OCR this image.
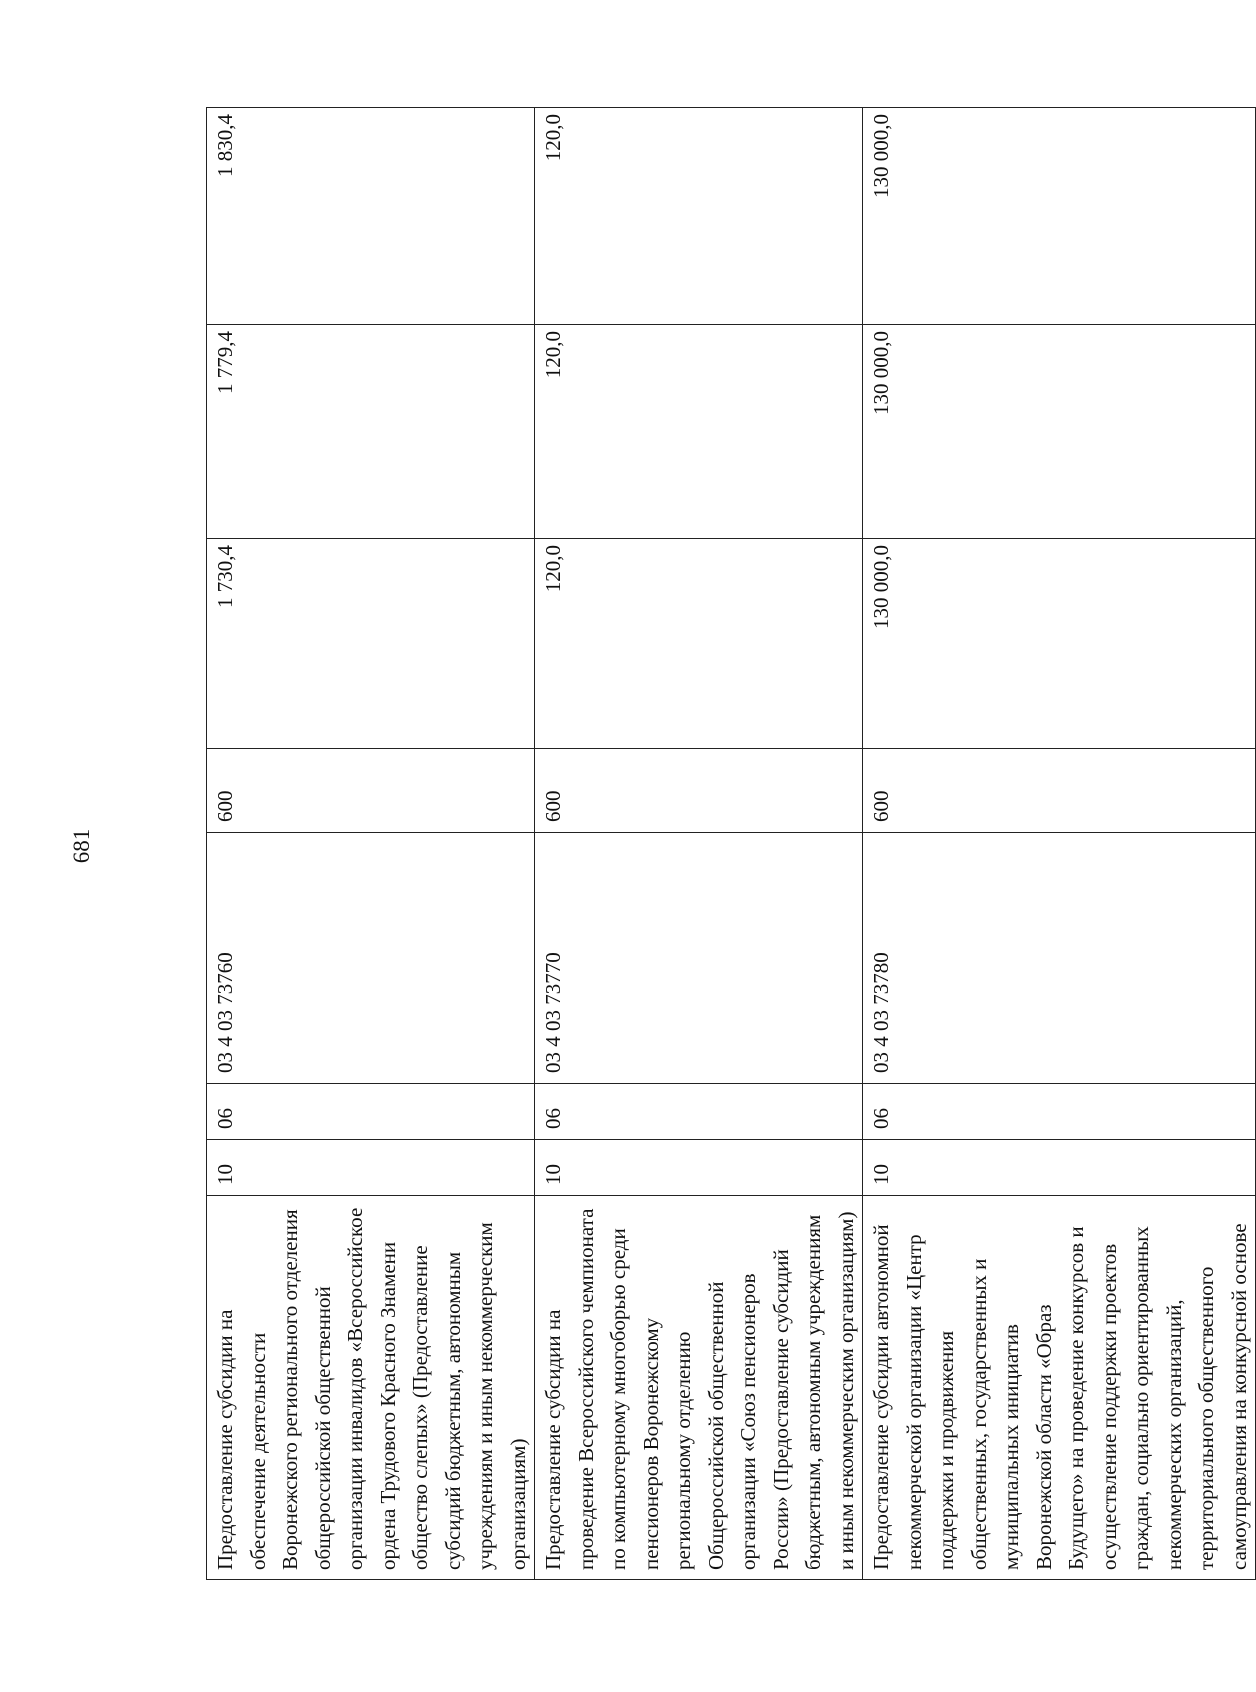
681
Предоставление субсидии на обеспечение деятельности Воронежского регионального отделения общероссийской общественной организации инвалидов «Всероссийское ордена Трудового Красного Знамени общество слепых» (Предоставление субсидий бюджетным, автономным учреждениям и иным некоммерческим организациям)	10	06	03 4 03 73760	600	1 730,4	1 779,4	1 830,4
Предоставление субсидии на проведение Всероссийского чемпионата по компьютерному многоборью среди пенсионеров Воронежскому региональному отделению Общероссийской общественной организации «Союз пенсионеров России» (Предоставление субсидий бюджетным, автономным учреждениям и иным некоммерческим организациям)	10	06	03 4 03 73770	600	120,0	120,0	120,0
Предоставление субсидии автономной некоммерческой организации «Центр поддержки и продвижения общественных, государственных и муниципальных инициатив Воронежской области «Образ Будущего» на проведение конкурсов и осуществление поддержки проектов граждан, социально ориентированных некоммерческих организаций, территориального общественного самоуправления на конкурсной основе	10	06	03 4 03 73780	600	130 000,0	130 000,0	130 000,0
